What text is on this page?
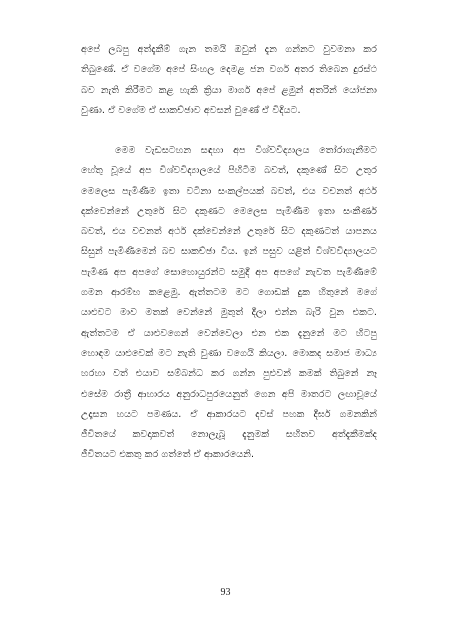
අපේ ලබපු අත්දැකීම් ගැන තමයි ඔවුන් දැන ගන්නට වුවමනා කර
තිබුණේ. ඒ වගේම අපේ සිංහල දෙමළ ජන වර්ග අතර තිබෙන දුරස්ථ
බව නැති කිරීමට කළ හැකි ක්‍රියා මාර්ග අපේ ළමුන් අතරින් යෝජනා
වුණා. ඒ වගේම ඒ සාකච්ඡාව අවසන් වුණේ ඒ විදියට.
මෙම වැඩසටහන සඳහා අප විශ්වවිද්‍යාලය තෝරාගැනීමට
හේතු වූයේ අප විශ්වවිද්‍යාලයේ පිහිටීම බවත්, දකුණේ සිට උතුර
මෙලෙස පැමිණීම ඉතා වටිනා සංකල්පයක් බවත්, එය වචනත් අර්ථ
දක්වෙන්නේ උතුරේ සිට දකුණට මෙලෙස පැමිණීම ඉතා සංකීර්ණ
බවත්, එය වචනත් අර්ථ දක්වෙන්නේ උතුරේ සිට දකුණටත් යාපනය
සිසුන් පැමිණීමෙන් බව සාකච්ඡා විය. ඉන් පසුව යළිත් විශ්වවිද්‍යාලයට
පැමිණ අප අපගේ සොහොයුරන්ට සමුදී අප අපගේ නැවත පැමිණීමේ
ගමන ආරම්භ කළෙමු. ඇත්තටම මට ගොඩක් දුක හිතුනේ මගේ
යාළුවට මාව මතක් වෙන්නේ මුතුත් දීලා එන්න බැරි වුන එකට.
ඇත්තටම ඒ යාළුවගෙන් වෙන්වෙලා එන එක දැනුනේ මට හිටපු
හොඳම යාළුවෙක් මට නැති වුණා වගෙයි කියලා. මොකද සමාජ මාධ්‍ය
හරහා වත් එයාව සම්බන්ධ කර ගන්න පුළුවන් කමක් තිබුනේ නෑ
එසේම රාත්‍රී ආහාරය අනුරාධපුරයෙනුත් ගෙන අපි මාතරට ලඟාවූයේ
උදෑසන හයට පමණය. ඒ ආකාරයට දවස් පහක දීර්ඝ ගමනකින්
ජීවිතයේ කවදාකවත් නොලැබූ දැනුමක් සහිතව අත්දැකීමක්ද
ජීවිතයට එකතු කර ගත්තේ ඒ ආකාරයෙනි.
93
